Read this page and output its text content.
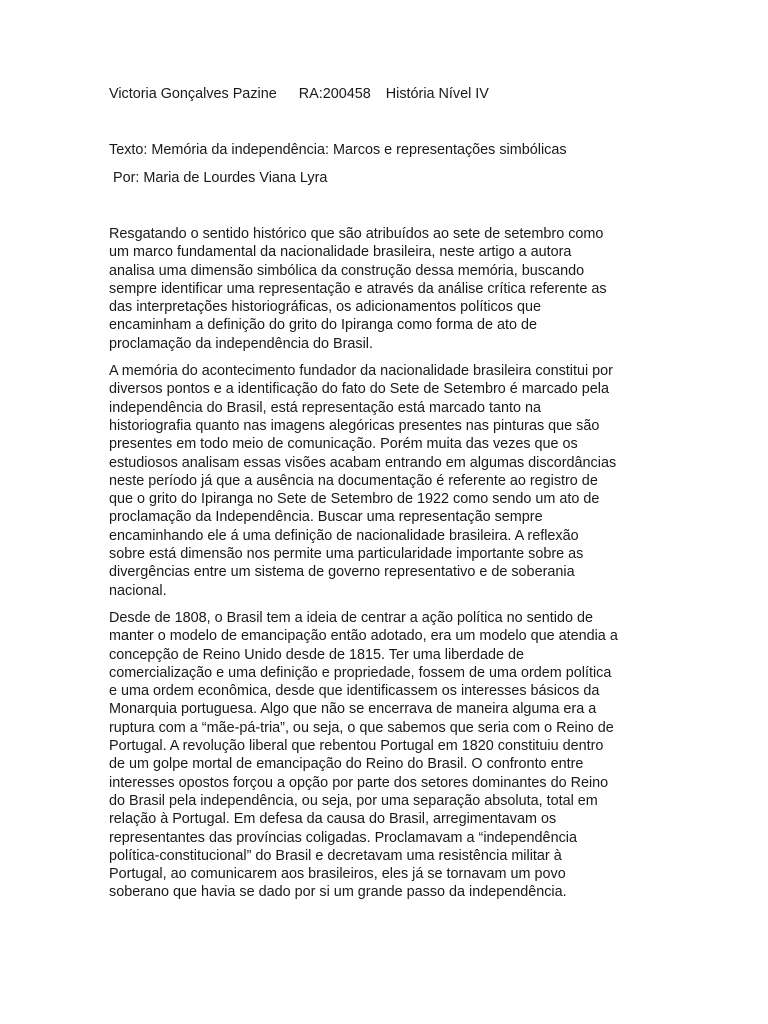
Victoria Gonçalves Pazine RA:200458 História Nível IV
Texto: Memória da independência: Marcos e representações simbólicas
Por: Maria de Lourdes Viana Lyra

Resgatando o sentido histórico que são atribuídos ao sete de setembro como
um marco fundamental da nacionalidade brasileira, neste artigo a autora
analisa uma dimensão simbólica da construção dessa memória, buscando
sempre identificar uma representação e através da análise crítica referente as
das interpretações historiográficas, os adicionamentos políticos que
encaminham a definição do grito do Ipiranga como forma de ato de
proclamação da independência do Brasil.

A memória do acontecimento fundador da nacionalidade brasileira constitui por
diversos pontos e a identificação do fato do Sete de Setembro é marcado pela
independência do Brasil, está representação está marcado tanto na
historiografia quanto nas imagens alegóricas presentes nas pinturas que são
presentes em todo meio de comunicação. Porém muita das vezes que os
estudiosos analisam essas visões acabam entrando em algumas discordâncias
neste período já que a ausência na documentação é referente ao registro de
que o grito do Ipiranga no Sete de Setembro de 1922 como sendo um ato de
proclamação da Independência. Buscar uma representação sempre
encaminhando ele á uma definição de nacionalidade brasileira. A reflexão
sobre está dimensão nos permite uma particularidade importante sobre as
divergências entre um sistema de governo representativo e de soberania
nacional.

Desde de 1808, o Brasil tem a ideia de centrar a ação política no sentido de
manter o modelo de emancipação então adotado, era um modelo que atendia a
concepção de Reino Unido desde de 1815. Ter uma liberdade de
comercialização e uma definição e propriedade, fossem de uma ordem política
e uma ordem econômica, desde que identificassem os interesses básicos da
Monarquia portuguesa. Algo que não se encerrava de maneira alguma era a
ruptura com a “mãe-pá-tria”, ou seja, o que sabemos que seria com o Reino de
Portugal. A revolução liberal que rebentou Portugal em 1820 constituiu dentro
de um golpe mortal de emancipação do Reino do Brasil. O confronto entre
interesses opostos forçou a opção por parte dos setores dominantes do Reino
do Brasil pela independência, ou seja, por uma separação absoluta, total em
relação à Portugal. Em defesa da causa do Brasil, arregimentavam os
representantes das províncias coligadas. Proclamavam a “independência
política-constitucional” do Brasil e decretavam uma resistência militar à
Portugal, ao comunicarem aos brasileiros, eles já se tornavam um povo
soberano que havia se dado por si um grande passo da independência.
